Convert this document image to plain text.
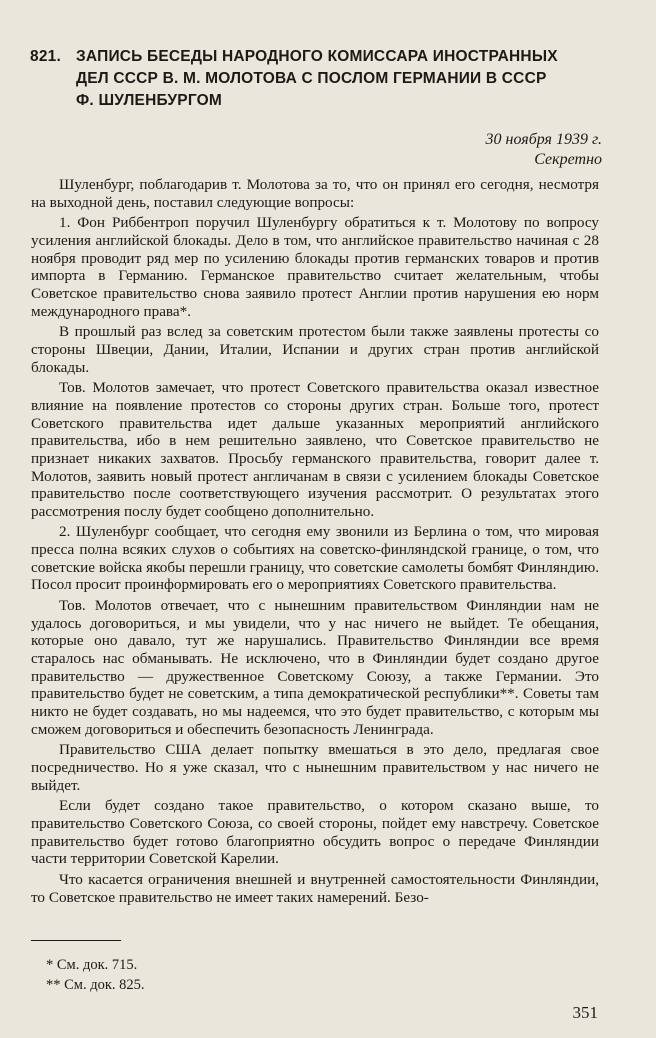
821. ЗАПИСЬ БЕСЕДЫ НАРОДНОГО КОМИССАРА ИНОСТРАННЫХ
ДЕЛ СССР В. М. МОЛОТОВА С ПОСЛОМ ГЕРМАНИИ В СССР
Ф. ШУЛЕНБУРГОМ
30 ноября 1939 г.
Секретно

Шуленбург, поблагодарив т. Молотова за то, что он принял его сегодня, несмотря на выходной день, поставил следующие вопросы:

1. Фон Риббентроп поручил Шуленбургу обратиться к т. Молотову по вопросу усиления английской блокады. Дело в том, что английское правительство начиная с 28 ноября проводит ряд мер по усилению блокады против германских товаров и против импорта в Германию. Германское правительство считает желательным, чтобы Советское правительство снова заявило протест Англии против нарушения ею норм международного права*.

В прошлый раз вслед за советским протестом были также заявлены протесты со стороны Швеции, Дании, Италии, Испании и других стран против английской блокады.

Тов. Молотов замечает, что протест Советского правительства оказал известное влияние на появление протестов со стороны других стран. Больше того, протест Советского правительства идет дальше указанных мероприятий английского правительства, ибо в нем решительно заявлено, что Советское правительство не признает никаких захватов. Просьбу германского правительства, говорит далее т. Молотов, заявить новый протест англичанам в связи с усилением блокады Советское правительство после соответствующего изучения рассмотрит. О результатах этого рассмотрения послу будет сообщено дополнительно.

2. Шуленбург сообщает, что сегодня ему звонили из Берлина о том, что мировая пресса полна всяких слухов о событиях на советско-финляндской границе, о том, что советские войска якобы перешли границу, что советские самолеты бомбят Финляндию. Посол просит проинформировать его о мероприятиях Советского правительства.

Тов. Молотов отвечает, что с нынешним правительством Финляндии нам не удалось договориться, и мы увидели, что у нас ничего не выйдет. Те обещания, которые оно давало, тут же нарушались. Правительство Финляндии все время старалось нас обманывать. Не исключено, что в Финляндии будет создано другое правительство — дружественное Советскому Союзу, а также Германии. Это правительство будет не советским, а типа демократической республики**. Советы там никто не будет создавать, но мы надеемся, что это будет правительство, с которым мы сможем договориться и обеспечить безопасность Ленинграда.

Правительство США делает попытку вмешаться в это дело, предлагая свое посредничество. Но я уже сказал, что с нынешним правительством у нас ничего не выйдет.

Если будет создано такое правительство, о котором сказано выше, то правительство Советского Союза, со своей стороны, пойдет ему навстречу. Советское правительство будет готово благоприятно обсудить вопрос о передаче Финляндии части территории Советской Карелии.

Что касается ограничения внешней и внутренней самостоятельности Финляндии, то Советское правительство не имеет таких намерений. Безо-

* См. док. 715.
** См. док. 825.
351
